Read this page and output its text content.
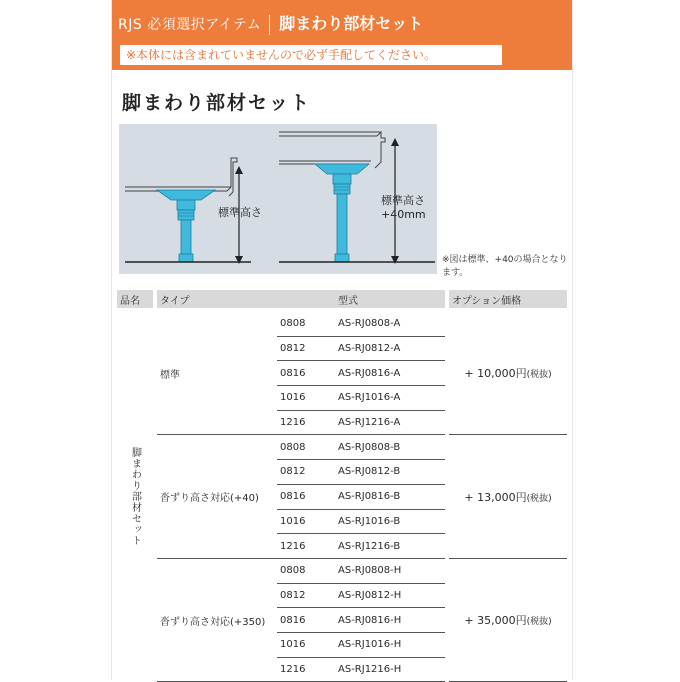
RJS 必須選択アイテム 脚まわり部材セット
※本体には含まれていませんので必ず手配してください。
脚まわり部材セット
標準高さ
標準高さ
+40mm
※図は標準、+40の場合となります。
品名		タイプ		型式		オプション価格
脚まわり部材セット		標準	0808	AS-RJ0808-A		+ 10,000円(税抜)
			0812	AS-RJ0812-A		
			0816	AS-RJ0816-A		
			1016	AS-RJ1016-A		
			1216	AS-RJ1216-A		
		沓ずり高さ対応(+40)	0808	AS-RJ0808-B		+ 13,000円(税抜)
			0812	AS-RJ0812-B		
			0816	AS-RJ0816-B		
			1016	AS-RJ1016-B		
			1216	AS-RJ1216-B		
		沓ずり高さ対応(+350)	0808	AS-RJ0808-H		+ 35,000円(税抜)
			0812	AS-RJ0812-H		
			0816	AS-RJ0816-H		
			1016	AS-RJ1016-H		
			1216	AS-RJ1216-H		
